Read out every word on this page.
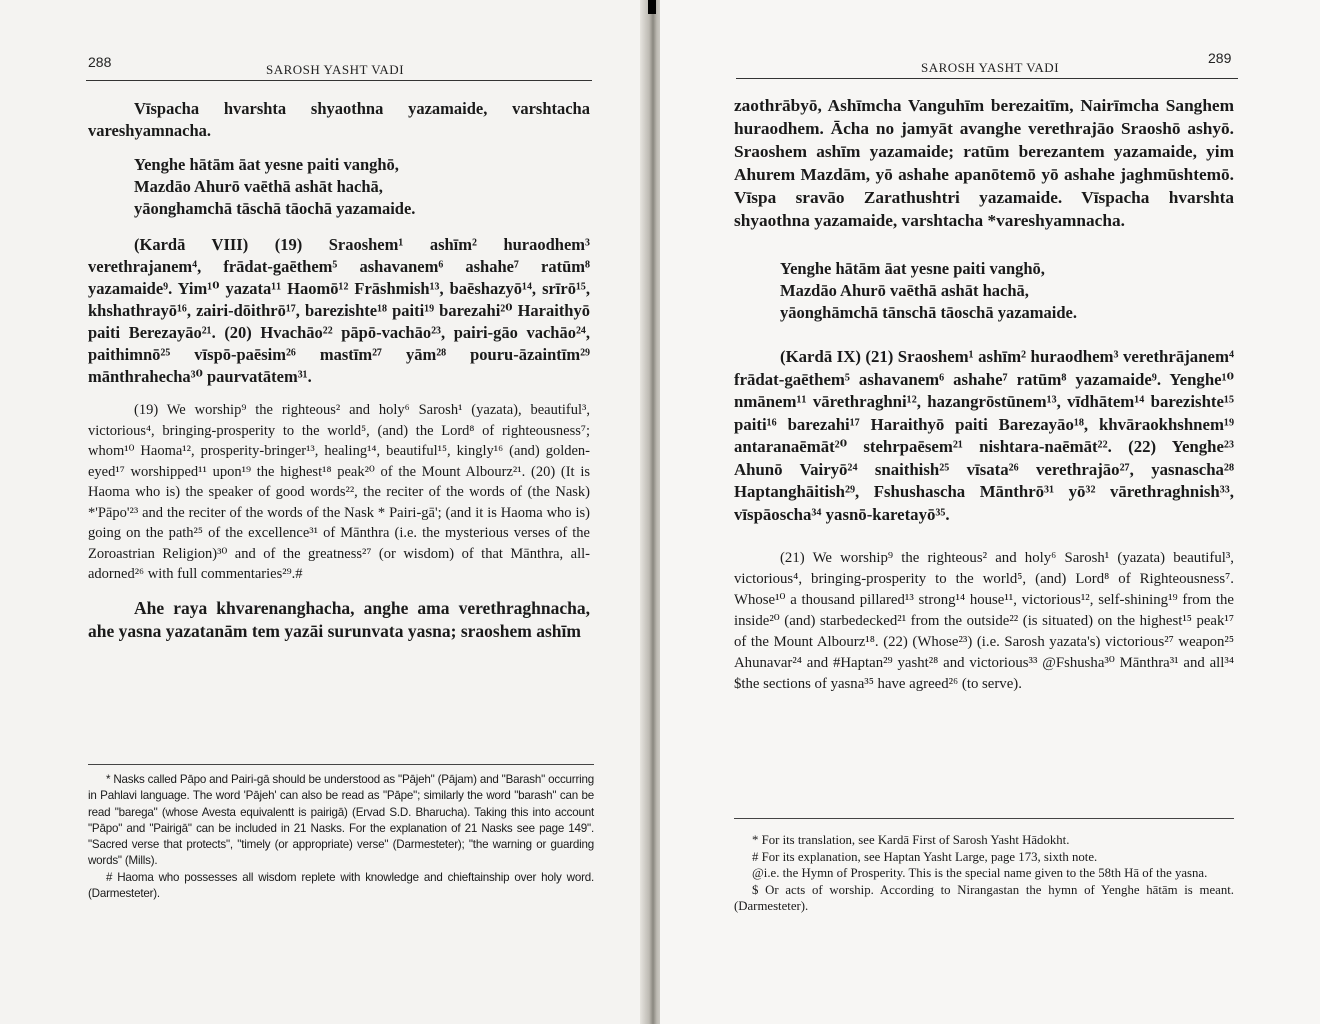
288	SAROSH YASHT VADI

Vīspacha hvarshta shyaothna yazamaide, varshtacha vareshyamnacha.

Yenghe hātām āat yesne paiti vanghō,

Mazdāo Ahurō vaēthā ashāt hachā,

yāonghamchā tāschā tāochā yazamaide.

(Kardā VIII) (19) Sraoshem¹ ashīm² huraodhem³ verethrajanem⁴, frādat-gaēthem⁵ ashavanem⁶ ashahe⁷ ratūm⁸ yazamaide⁹. Yim¹⁰ yazata¹¹ Haomō¹² Frāshmish¹³, baēshazyō¹⁴, srīrō¹⁵, khshathrayō¹⁶, zairi-dōithrō¹⁷, barezishte¹⁸ paiti¹⁹ barezahi²⁰ Haraithyō paiti Berezayāo²¹. (20) Hvachāo²² pāpō-vachāo²³, pairi-gāo vachāo²⁴, paithimnō²⁵ vīspō-paēsim²⁶ mastīm²⁷ yām²⁸ pouru-āzaintīm²⁹ mānthrahecha³⁰ paurvatātem³¹.

(19) We worship⁹ the righteous² and holy⁶ Sarosh¹ (yazata), beautiful³, victorious⁴, bringing-prosperity to the world⁵, (and) the Lord⁸ of righteousness⁷; whom¹⁰ Haoma¹², prosperity-bringer¹³, healing¹⁴, beautiful¹⁵, kingly¹⁶ (and) golden-eyed¹⁷ worshipped¹¹ upon¹⁹ the highest¹⁸ peak²⁰ of the Mount Albourz²¹. (20) (It is Haoma who is) the speaker of good words²², the reciter of the words of (the Nask) *'Pāpo'²³ and the reciter of the words of the Nask * Pairi-gā'; (and it is Haoma who is) going on the path²⁵ of the excellence³¹ of Mānthra (i.e. the mysterious verses of the Zoroastrian Religion)³⁰ and of the greatness²⁷ (or wisdom) of that Mānthra, all-adorned²⁶ with full commentaries²⁹.#

Ahe raya khvarenanghacha, anghe ama verethraghnacha, ahe yasna yazatanām tem yazāi surunvata yasna; sraoshem ashīm

* Nasks called Pāpo and Pairi-gā should be understood as "Pājeh" (Pājam) and "Barash" occurring in Pahlavi language. The word 'Pājeh' can also be read as "Pāpe"; similarly the word "barash" can be read "barega" (whose Avesta equivalentt is pairigā) (Ervad S.D. Bharucha). Taking this into account "Pāpo" and "Pairigā" can be included in 21 Nasks. For the explanation of 21 Nasks see page 149". "Sacred verse that protects", "timely (or appropriate) verse" (Darmesteter); "the warning or guarding words" (Mills).

# Haoma who possesses all wisdom replete with knowledge and chieftainship over holy word. (Darmesteter).

SAROSH YASHT VADI
289

zaothrābyō, Ashīmcha Vanguhīm berezaitīm, Nairīmcha Sanghem huraodhem. Ācha no jamyāt avanghe verethrajāo Sraoshō ashyō. Sraoshem ashīm yazamaide; ratūm berezantem yazamaide, yim Ahurem Mazdām, yō ashahe apanōtemō yō ashahe jaghmūshtemō. Vīspa sravāo Zarathushtri yazamaide. Vīspacha hvarshta shyaothna yazamaide, varshtacha *vareshyamnacha.

Yenghe hātām āat yesne paiti vanghō,

Mazdāo Ahurō vaēthā ashāt hachā,

yāonghāmchā tānschā tāoschā yazamaide.

(Kardā IX) (21) Sraoshem¹ ashīm² huraodhem³ verethrājanem⁴ frādat-gaēthem⁵ ashavanem⁶ ashahe⁷ ratūm⁸ yazamaide⁹. Yenghe¹⁰ nmānem¹¹ vārethraghni¹², hazangrōstūnem¹³, vīdhātem¹⁴ barezishte¹⁵ paiti¹⁶ barezahi¹⁷ Haraithyō paiti Barezayāo¹⁸, khvāraokhshnem¹⁹ antaranaēmāt²⁰ stehrpaēsem²¹ nishtara-naēmāt²². (22) Yenghe²³ Ahunō Vairyō²⁴ snaithish²⁵ vīsata²⁶ verethrajāo²⁷, yasnascha²⁸ Haptanghāitish²⁹, Fshushascha Mānthrō³¹ yō³² vārethraghnish³³, vīspāoscha³⁴ yasnō-karetayō³⁵.

(21) We worship⁹ the righteous² and holy⁶ Sarosh¹ (yazata) beautiful³, victorious⁴, bringing-prosperity to the world⁵, (and) Lord⁸ of Righteousness⁷. Whose¹⁰ a thousand pillared¹³ strong¹⁴ house¹¹, victorious¹², self-shining¹⁹ from the inside²⁰ (and) starbedecked²¹ from the outside²² (is situated) on the highest¹⁵ peak¹⁷ of the Mount Albourz¹⁸. (22) (Whose²³) (i.e. Sarosh yazata's) victorious²⁷ weapon²⁵ Ahunavar²⁴ and #Haptan²⁹ yasht²⁸ and victorious³³ @Fshusha³⁰ Mānthra³¹ and all³⁴ $the sections of yasna³⁵ have agreed²⁶ (to serve).

* For its translation, see Kardā First of Sarosh Yasht Hādokht.

# For its explanation, see Haptan Yasht Large, page 173, sixth note.

@i.e. the Hymn of Prosperity. This is the special name given to the 58th Hā of the yasna.

$ Or acts of worship. According to Nirangastan the hymn of Yenghe hātām is meant. (Darmesteter).
